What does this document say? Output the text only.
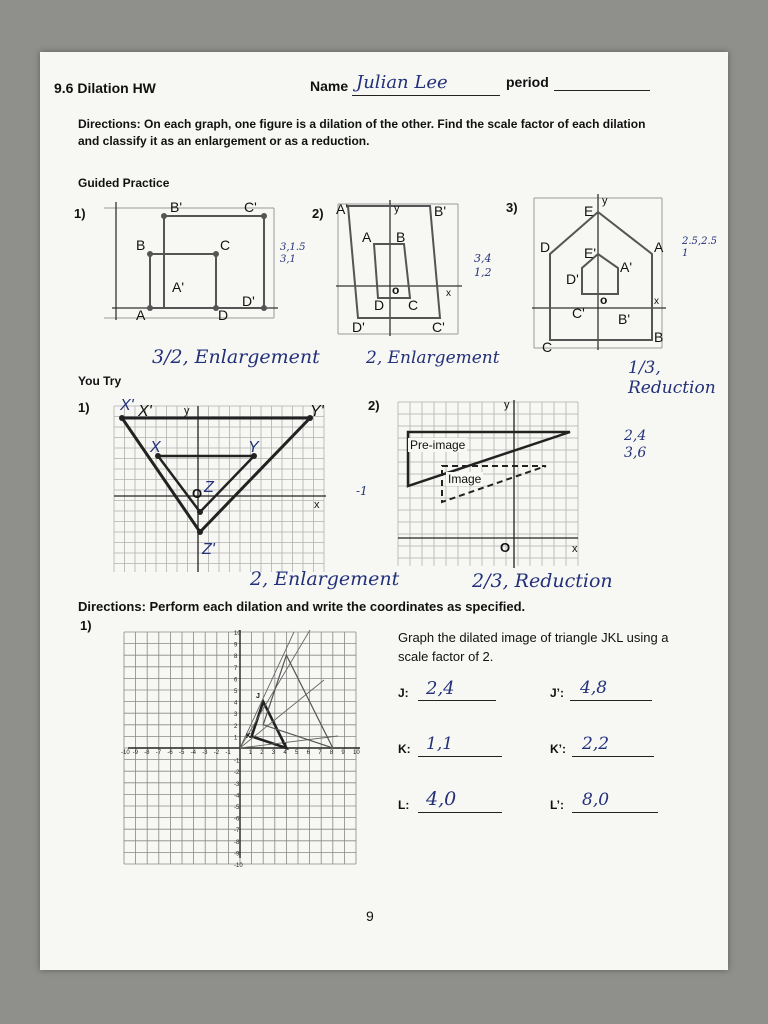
9.6 Dilation HW	Name Julian Lee	period
Directions: On each graph, one figure is a dilation of the other. Find the scale factor of each dilation and classify it as an enlargement or as a reduction.
Guided Practice
1)	2)	3)
B'	C'
B	C
A'
A	D
D'
3,1.5
3,1
A'	B'
A B
D C
D'	C'
y
o	x
3,4
1,2
E
D	A
E'
A'
D'
C' B'
C
B
y
o	x
2.5,2.5
1
3/2, Enlargement	2, Enlargement	1/3, Reduction
You Try
1)	2)
X'	Y'
O
y
x
X'
X	Y
Z
Z'
-1
y
O	x
Pre-image
Image
2,4
3,6
2, Enlargement	2/3, Reduction
Directions: Perform each dilation and write the coordinates as specified.
1)
-10
-10
-9
-9
-8
-8
-7
-7
-6
-6
-5
-5
-4
-4
-3
-3
-2
-2
-1
-1
1
1
2
2
3
3
4
4
5
5
6
6
7
7
8
8
9
9
10
10
J
K
L
Graph the dilated image of triangle JKL using a scale factor of 2.
J: 2,4	J’: 4,8
K: 1,1	K’: 2,2
L: 4,0	L’: 8,0
9
